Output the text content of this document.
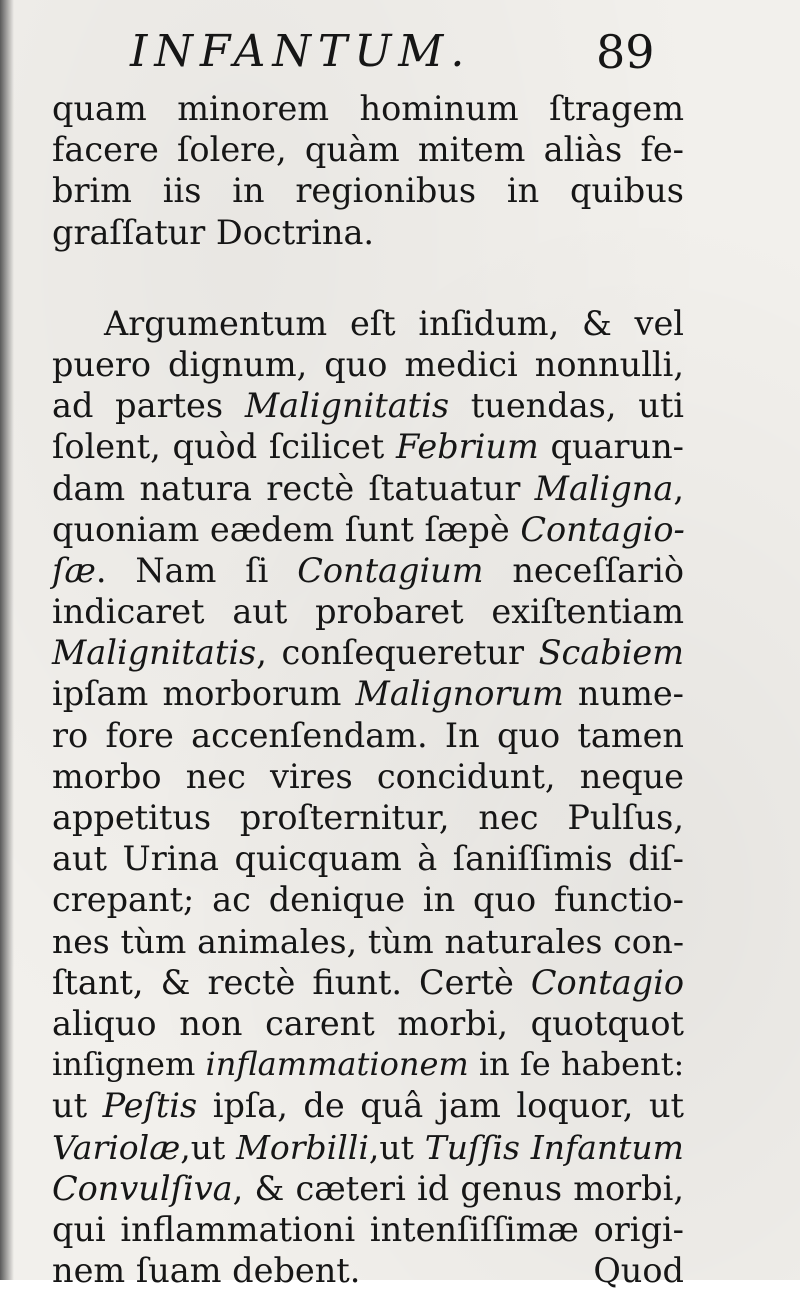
INFANTUM.	89
quam minorem hominum ſtragem
facere ſolere, quàm mitem aliàs fe-
brim iis in regionibus in quibus
graſſatur Doctrina.
Argumentum eſt inſidum, & vel
puero dignum, quo medici nonnulli,
ad partes Malignitatis tuendas, uti
ſolent, quòd ſcilicet Febrium quarun-
dam natura rectè ſtatuatur Maligna,
quoniam eædem ſunt ſæpè Contagio-
ſæ. Nam ſi Contagium neceſſariò
indicaret aut probaret exiſtentiam
Malignitatis, conſequeretur Scabiem
ipſam morborum Malignorum nume-
ro fore accenſendam. In quo tamen
morbo nec vires concidunt, neque
appetitus proſternitur, nec Pulſus,
aut Urina quicquam à ſaniſſimis diſ-
crepant; ac denique in quo functio-
nes tùm animales, tùm naturales con-
ſtant, & rectè fiunt. Certè Contagio
aliquo non carent morbi, quotquot
inſignem inflammationem in ſe habent:
ut Peſtis ipſa, de quâ jam loquor, ut
Variolæ,ut Morbilli,ut Tuſſis Infantum
Convulſiva, & cæteri id genus morbi,
qui inflammationi intenſiſſimæ origi-
nem ſuam debent.	Quod
